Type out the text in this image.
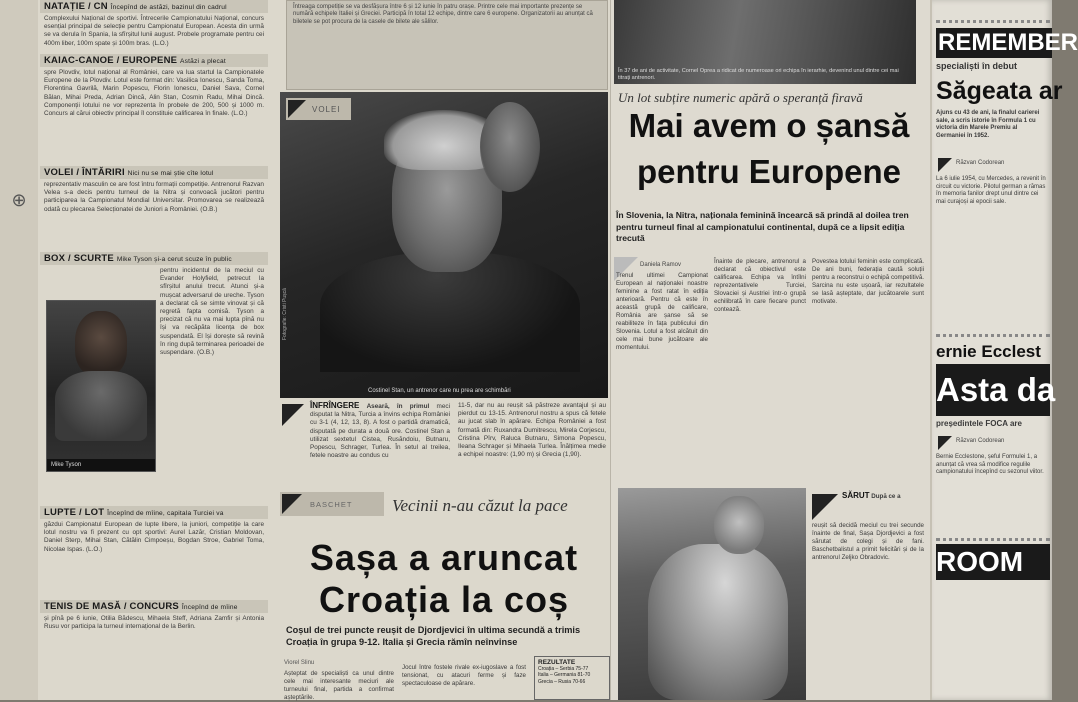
⊕

NATAȚIE / CN Începînd de astăzi, bazinul din cadrul

Complexului Național de sportivi. Întrecerile Campionatului Național, concurs esențial principal de selecție pentru Campionatul European. Acesta din urmă se va derula în Spania, la sfîrșitul lunii august. Probele programate pentru cei 400m liber, 100m spate și 100m bras. (L.O.)

KAIAC-CANOE / EUROPENE Astăzi a plecat

spre Plovdiv, lotul național al României, care va lua startul la Campionatele Europene de la Plovdiv. Lotul este format din: Vasilica Ionescu, Sanda Toma, Florentina Gavrilă, Marin Popescu, Florin Ionescu, Daniel Sava, Cornel Bălan, Mihai Preda, Adrian Dincă, Alin Stan, Cosmin Radu, Mihai Dincă. Componenții lotului ne vor reprezenta în probele de 200, 500 și 1000 m. Concurs al cărui obiectiv principal îl constituie calificarea în finale. (L.O.)

VOLEI / ÎNTĂRIRI Nici nu se mai știe cîte lotul

reprezentativ masculin ce are fost întru formații competiție. Antrenorul Razvan Velea s-a decis pentru turneul de la Nitra și convoacă jucători pentru participarea la Campionatul Mondial Universitar. Promovarea se realizează odată cu plecarea Selecționatei de Juniori a României. (O.B.)

BOX / SCURTE Mike Tyson și-a cerut scuze în public

pentru incidentul de la meciul cu Evander Holyfield, petrecut la sfîrșitul anului trecut. Atunci și-a mușcat adversarul de ureche. Tyson a declarat că se simte vinovat și că regretă fapta comisă. Tyson a precizat că nu va mai lupta pînă nu își va recăpăta licența de box suspendată. El își dorește să revină în ring după terminarea perioadei de suspendare. (O.B.)

LUPTE / LOT Începînd de mîine, capitala Turciei va

găzdui Campionatul European de lupte libere, la juniori, competiție la care lotul nostru va fi prezent cu opt sportivi: Aurel Lazăr, Cristian Moldovan, Daniel Sterp, Mihai Stan, Cătălin Cimpoeșu, Bogdan Stroe, Gabriel Toma, Nicolae Ispas. (L.O.)

TENIS DE MASĂ / CONCURS Începînd de mîine

și pînă pe 6 iunie, Otilia Bădescu, Mihaela Steff, Adriana Zamfir și Antonia Rusu vor participa la turneul internațional de la Berlin.

Mike Tyson

Întreaga competiție se va desfășura între 6 și 12 iunie în patru orașe. Printre cele mai importante prezențe se numără echipele Italiei și Greciei. Participă în total 12 echipe, dintre care 6 europene. Organizatorii au anunțat că biletele se pot procura de la casele de bilete ale sălilor.

VOLEI
Fotografie: Cristi Pușcă
Costinel Stan, un antrenor care nu prea are schimbări

ÎNFRÎNGERE Aseară, în primul meci disputat la Nitra, Turcia a învins echipa României cu 3-1 (4, 12, 13, 8). A fost o partidă dramatică, disputată pe durata a două ore. Costinel Stan a utilizat sextetul Cistea, Rusăndoiu, Butnaru, Popescu, Schrager, Turlea. În setul al treilea, fetele noastre au condus cu

11-5, dar nu au reușit să păstreze avantajul și au pierdut cu 13-15. Antrenorul nostru a spus că fetele au jucat slab în apărare. Echipa României a fost formată din: Ruxandra Dumitrescu, Mirela Corjescu, Cristina Pîrv, Raluca Butnaru, Simona Popescu, Ileana Schrager și Mihaela Turlea. Înălțimea medie a echipei noastre: (1,90 m) și Grecia (1,90).

BASCHET Vecinii n-au căzut la pace
Sașa a aruncat
Croația la coș
Coșul de trei puncte reușit de Djordjevici în ultima secundă a trimis Croația în grupa 9-12. Italia și Grecia rămîn neînvinse
Viorel Slinu

Așteptat de specialiști ca unul dintre cele mai interesante meciuri ale turneului final, partida a confirmat așteptările.

Jocul între fostele rivale ex-iugoslave a fost tensionat, cu atacuri ferme și faze spectaculoase de apărare.

REZULTATE
Croația – Serbia 75-77
Italia – Germania 81-70
Grecia – Rusia 70-66
În 37 de ani de activitate, Cornel Oprea a ridicat de numeroase ori echipa în ierarhie, devenind unul dintre cei mai titrați antrenori.
Un lot subțire numeric apără o speranță firavă
Mai avem o șansă
pentru Europene
În Slovenia, la Nitra, naționala feminină încearcă să prindă al doilea tren pentru turneul final al campionatului continental, după ce a lipsit ediția trecută
Daniela Ramov

Trenul ultimei Campionat European al naționalei noastre feminine a fost ratat în ediția anterioară. Pentru că este în această grupă de calificare, România are șanse să se reabiliteze în fața publicului din Slovenia. Lotul a fost alcătuit din cele mai bune jucătoare ale momentului.

Înainte de plecare, antrenorul a declarat că obiectivul este calificarea. Echipa va întîlni reprezentativele Turciei, Slovaciei și Austriei într-o grupă echilibrată în care fiecare punct contează.

Povestea lotului feminin este complicată. De ani buni, federația caută soluții pentru a reconstrui o echipă competitivă. Sarcina nu este ușoară, iar rezultatele se lasă așteptate, dar jucătoarele sunt motivate.

SĂRUT După ce a

reușit să decidă meciul cu trei secunde înainte de final, Sașa Djordjevici a fost sărutat de colegi și de fani. Baschetbalistul a primit felicitări și de la antrenorul Zeljko Obradovic.

REMEMBER
specialiști în debut
Săgeata ar

Ajuns cu 43 de ani, la finalul carierei sale, a scris istorie în Formula 1 cu victoria din Marele Premiu al Germaniei în 1952.

Răzvan Codorean

La 6 iulie 1954, cu Mercedes, a revenit în circuit cu victorie. Pilotul german a rămas în memoria fanilor drept unul dintre cei mai curajoși ai epocii sale.

ernie Ecclest
Asta da
președintele FOCA are
Răzvan Codorean

Bernie Ecclestone, șeful Formulei 1, a anunțat că vrea să modifice regulile campionatului începînd cu sezonul viitor.

ROOM
